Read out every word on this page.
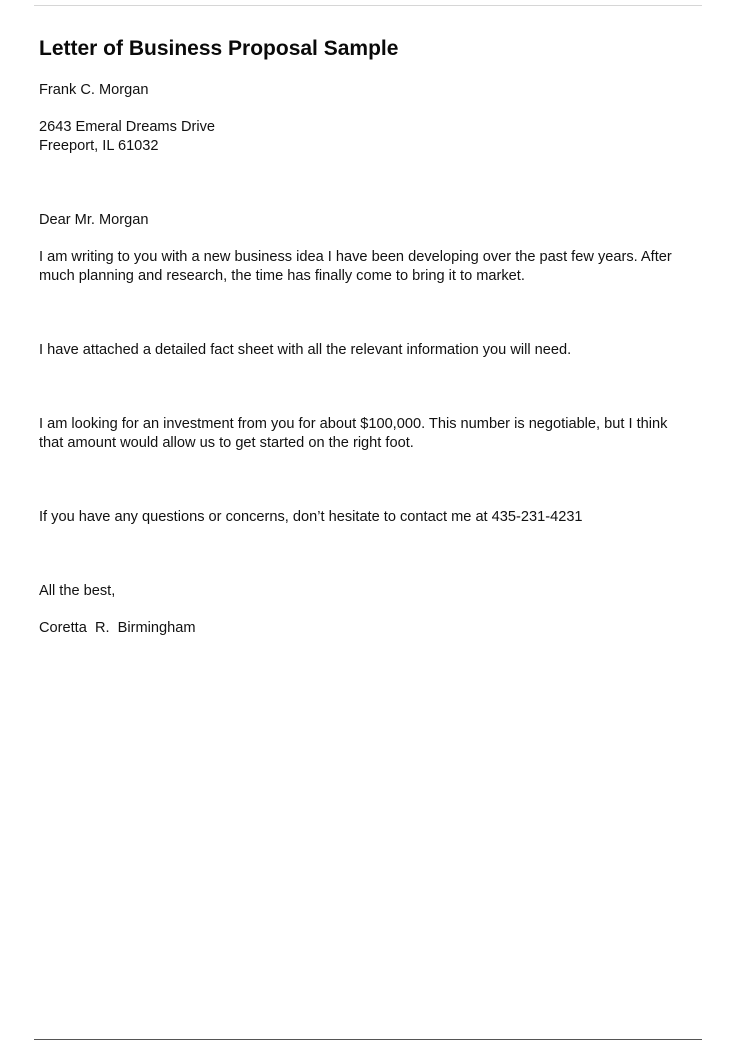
Letter of Business Proposal Sample

Frank C. Morgan

2643 Emeral Dreams Drive

Freeport, IL 61032

Dear Mr. Morgan

I am writing to you with a new business idea I have been developing over the past few years. After
much planning and research, the time has finally come to bring it to market.
I have attached a detailed fact sheet with all the relevant information you will need.
I am looking for an investment from you for about $100,000. This number is negotiable, but I think
that amount would allow us to get started on the right foot.
If you have any questions or concerns, don’t hesitate to contact me at 435-231-4231

All the best,

Coretta  R.  Birmingham
